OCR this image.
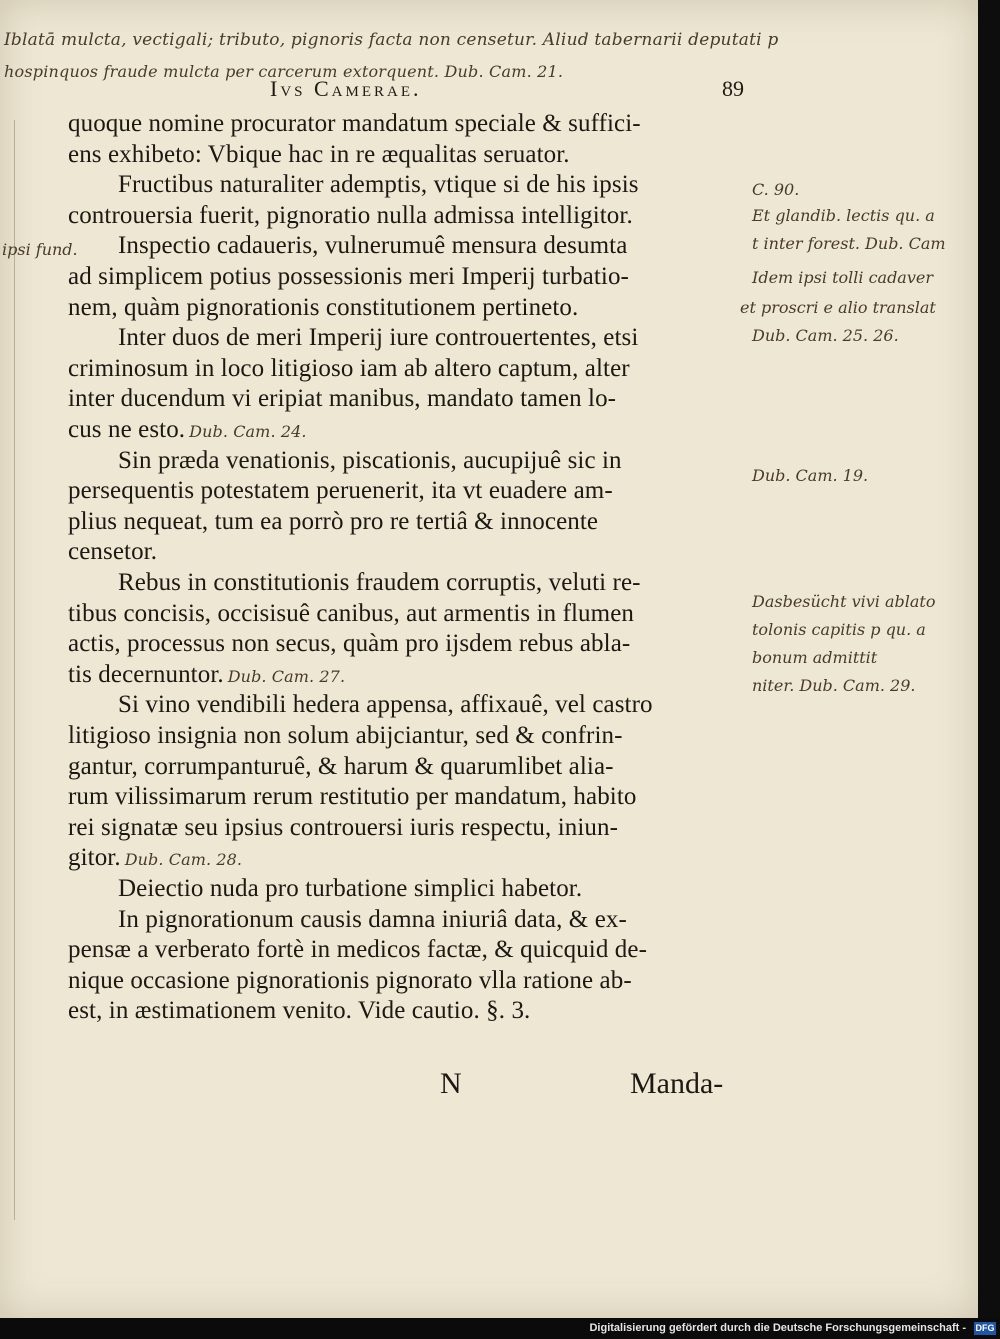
Iblatā mulcta, vectigali; tributo, pignoris facta non censetur. Aliud tabernarii deputati p
hospinquos fraude mulcta per carcerum extorquent. Dub. Cam. 21.
Ivs Camerae.	89
quoque nomine procurator mandatum speciale & suffici-
ens exhibeto: Vbique hac in re æqualitas seruator.
Fructibus naturaliter ademptis, vtique si de his ipsis
controuersia fuerit, pignoratio nulla admissa intelligitor.
Inspectio cadaueris, vulnerumuê mensura desumta
ad simplicem potius possessionis meri Imperij turbatio-
nem, quàm pignorationis constitutionem pertineto.
Inter duos de meri Imperij iure controuertentes, etsi
criminosum in loco litigioso iam ab altero captum, alter
inter ducendum vi eripiat manibus, mandato tamen lo-
cus ne esto. Dub. Cam. 24.
Sin præda venationis, piscationis, aucupijuê sic in
persequentis potestatem peruenerit, ita vt euadere am-
plius nequeat, tum ea porrò pro re tertiâ & innocente
censetor.
Rebus in constitutionis fraudem corruptis, veluti re-
tibus concisis, occisisuê canibus, aut armentis in flumen
actis, processus non secus, quàm pro ijsdem rebus abla-
tis decernuntor. Dub. Cam. 27.
Si vino vendibili hedera appensa, affixauê, vel castro
litigioso insignia non solum abijciantur, sed & confrin-
gantur, corrumpanturuê, & harum & quarumlibet alia-
rum vilissimarum rerum restitutio per mandatum, habito
rei signatæ seu ipsius controuersi iuris respectu, iniun-
gitor. Dub. Cam. 28.
Deiectio nuda pro turbatione simplici habetor.
In pignorationum causis damna iniuriâ data, & ex-
pensæ a verberato fortè in medicos factæ, & quicquid de-
nique occasione pignorationis pignorato vlla ratione ab-
est, in æstimationem venito. Vide cautio. §. 3.
C. 90.
Et glandib. lectis qu. a
t inter forest. Dub. Cam
ipsi fund.
Idem ipsi tolli cadaver
et proscri e alio translat
Dub. Cam. 25. 26.
Dub. Cam. 19.
Dasbesücht vivi ablato
tolonis capitis p qu. a
bonum admittit
niter. Dub. Cam. 29.
N	Manda-
Digitalisierung gefördert durch die Deutsche Forschungsgemeinschaft - DFG
